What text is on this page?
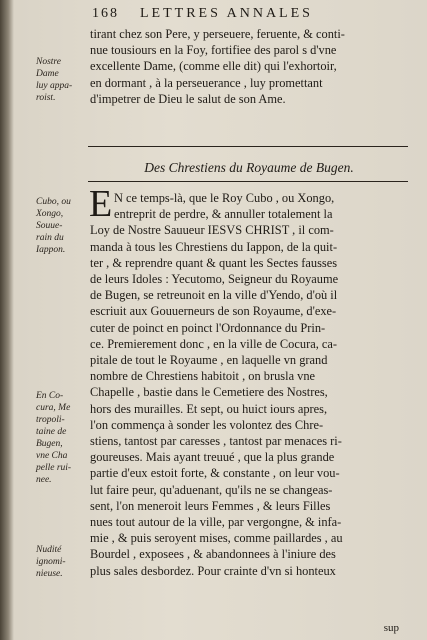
168 LETTRES ANNALES
Nostre
Dame
luy appa-
roist.
tirant chez son Pere, y perseuere, feruente, & conti-
nue tousiours en la Foy, fortifiee des parol s d'vne
excellente Dame, (comme elle dit) qui l'exhortoir,
en dormant , à la perseuerance , luy promettant
d'impetrer de Dieu le salut de son Ame.
Des Chrestiens du Royaume de Bugen.
Cubo, ou
Xongo,
Souue-
rain du
Iappon.
En Co-
cura, Me
tropoli-
taine de
Bugen,
vne Cha
pelle rui-
nee.
Nudité
ignomi-
nieuse.
E N ce temps-là, que le Roy Cubo , ou Xongo,
entreprit de perdre, & annuller totalement la
Loy de Nostre Sauueur IESVS CHRIST , il com-
manda à tous les Chrestiens du Iappon, de la quit-
ter , & reprendre quant & quant les Sectes fausses
de leurs Idoles : Yecutomo, Seigneur du Royaume
de Bugen, se retreunoit en la ville d'Yendo, d'où il
escriuit aux Gouuerneurs de son Royaume, d'exe-
cuter de poinct en poinct l'Ordonnance du Prin-
ce. Premierement donc , en la ville de Cocura, ca-
pitale de tout le Royaume , en laquelle vn grand
nombre de Chrestiens habitoit , on brusla vne
Chapelle , bastie dans le Cemetiere des Nostres,
hors des murailles. Et sept, ou huict iours apres,
l'on commença à sonder les volontez des Chre-
stiens, tantost par caresses , tantost par menaces ri-
goureuses. Mais ayant treuué , que la plus grande
partie d'eux estoit forte, & constante , on leur vou-
lut faire peur, qu'aduenant, qu'ils ne se changeas-
sent, l'on meneroit leurs Femmes , & leurs Filles
nues tout autour de la ville, par vergongne, & infa-
mie , & puis seroyent mises, comme paillardes , au
Bourdel , exposees , & abandonnees à l'iniure des
plus sales desbordez. Pour crainte d'vn si honteux
sup
